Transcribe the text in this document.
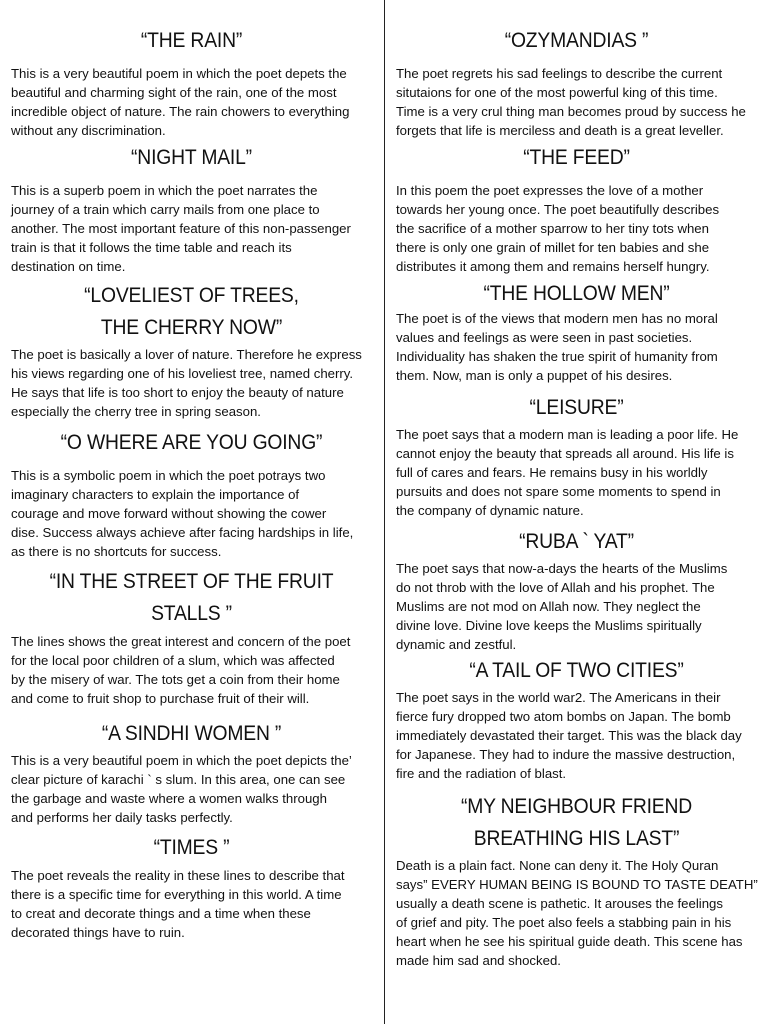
“THE RAIN”

This is a very beautiful poem in which the poet depets the
beautiful and charming sight of the rain, one of the most
incredible object of nature. The rain chowers to everything
without any discrimination.

“NIGHT MAIL”

This is a superb poem in which the poet narrates the
journey of a train which carry mails from one place to
another. The most important feature of this non-passenger
train is that it follows the time table and reach its
destination on time.

“LOVELIEST OF TREES,
THE CHERRY NOW”

The poet is basically a lover of nature. Therefore he express
his views regarding one of his loveliest tree, named cherry.
He says that life is too short to enjoy the beauty of nature
especially the cherry tree in spring season.

“O WHERE ARE YOU GOING”

This is a symbolic poem in which the poet potrays two
imaginary characters to explain the importance of
courage and move forward without showing the cower
dise. Success always achieve after facing hardships in life,
as there is no shortcuts for success.

“IN THE STREET OF THE FRUIT
STALLS ”

The lines shows the great interest and concern of the poet
for the local poor children of a slum, which was affected
by the misery of war. The tots get a coin from their home
and come to fruit shop to purchase fruit of their will.

“A SINDHI WOMEN ”

This is a very beautiful poem in which the poet depicts the’
clear picture of karachi ` s slum. In this area, one can see
the garbage and waste where a women walks through
and performs her daily tasks perfectly.

“TIMES ”

The poet reveals the reality in these lines to describe that
there is a specific time for everything in this world. A time
to creat and decorate things and a time when these
decorated things have to ruin.

“OZYMANDIAS ”

The poet regrets his sad feelings to describe the current
situtaions for one of the most powerful king of this time.
Time is a very crul thing man becomes proud by success he
forgets that life is merciless and death is a great leveller.

“THE FEED”

In this poem the poet expresses the love of a mother
towards her young once. The poet beautifully describes
the sacrifice of a mother sparrow to her tiny tots when
there is only one grain of millet for ten babies and she
distributes it among them and remains herself hungry.

“THE HOLLOW MEN”

The poet is of the views that modern men has no moral
values and feelings as were seen in past societies.
Individuality has shaken the true spirit of humanity from
them. Now, man is only a puppet of his desires.

“LEISURE”

The poet says that a modern man is leading a poor life. He
cannot enjoy the beauty that spreads all around. His life is
full of cares and fears. He remains busy in his worldly
pursuits and does not spare some moments to spend in
the company of dynamic nature.

“RUBA ` YAT”

The poet says that now-a-days the hearts of the Muslims
do not throb with the love of Allah and his prophet. The
Muslims are not mod on Allah now. They neglect the
divine love. Divine love keeps the Muslims spiritually
dynamic and zestful.

“A TAIL OF TWO CITIES”

The poet says in the world war2. The Americans in their
fierce fury dropped two atom bombs on Japan. The bomb
immediately devastated their target. This was the black day
for Japanese. They had to indure the massive destruction,
fire and the radiation of blast.

“MY NEIGHBOUR FRIEND
BREATHING HIS LAST”

Death is a plain fact. None can deny it. The Holy Quran
says” EVERY HUMAN BEING IS BOUND TO TASTE DEATH”
usually a death scene is pathetic. It arouses the feelings
of grief and pity. The poet also feels a stabbing pain in his
heart when he see his spiritual guide death. This scene has
made him sad and shocked.
